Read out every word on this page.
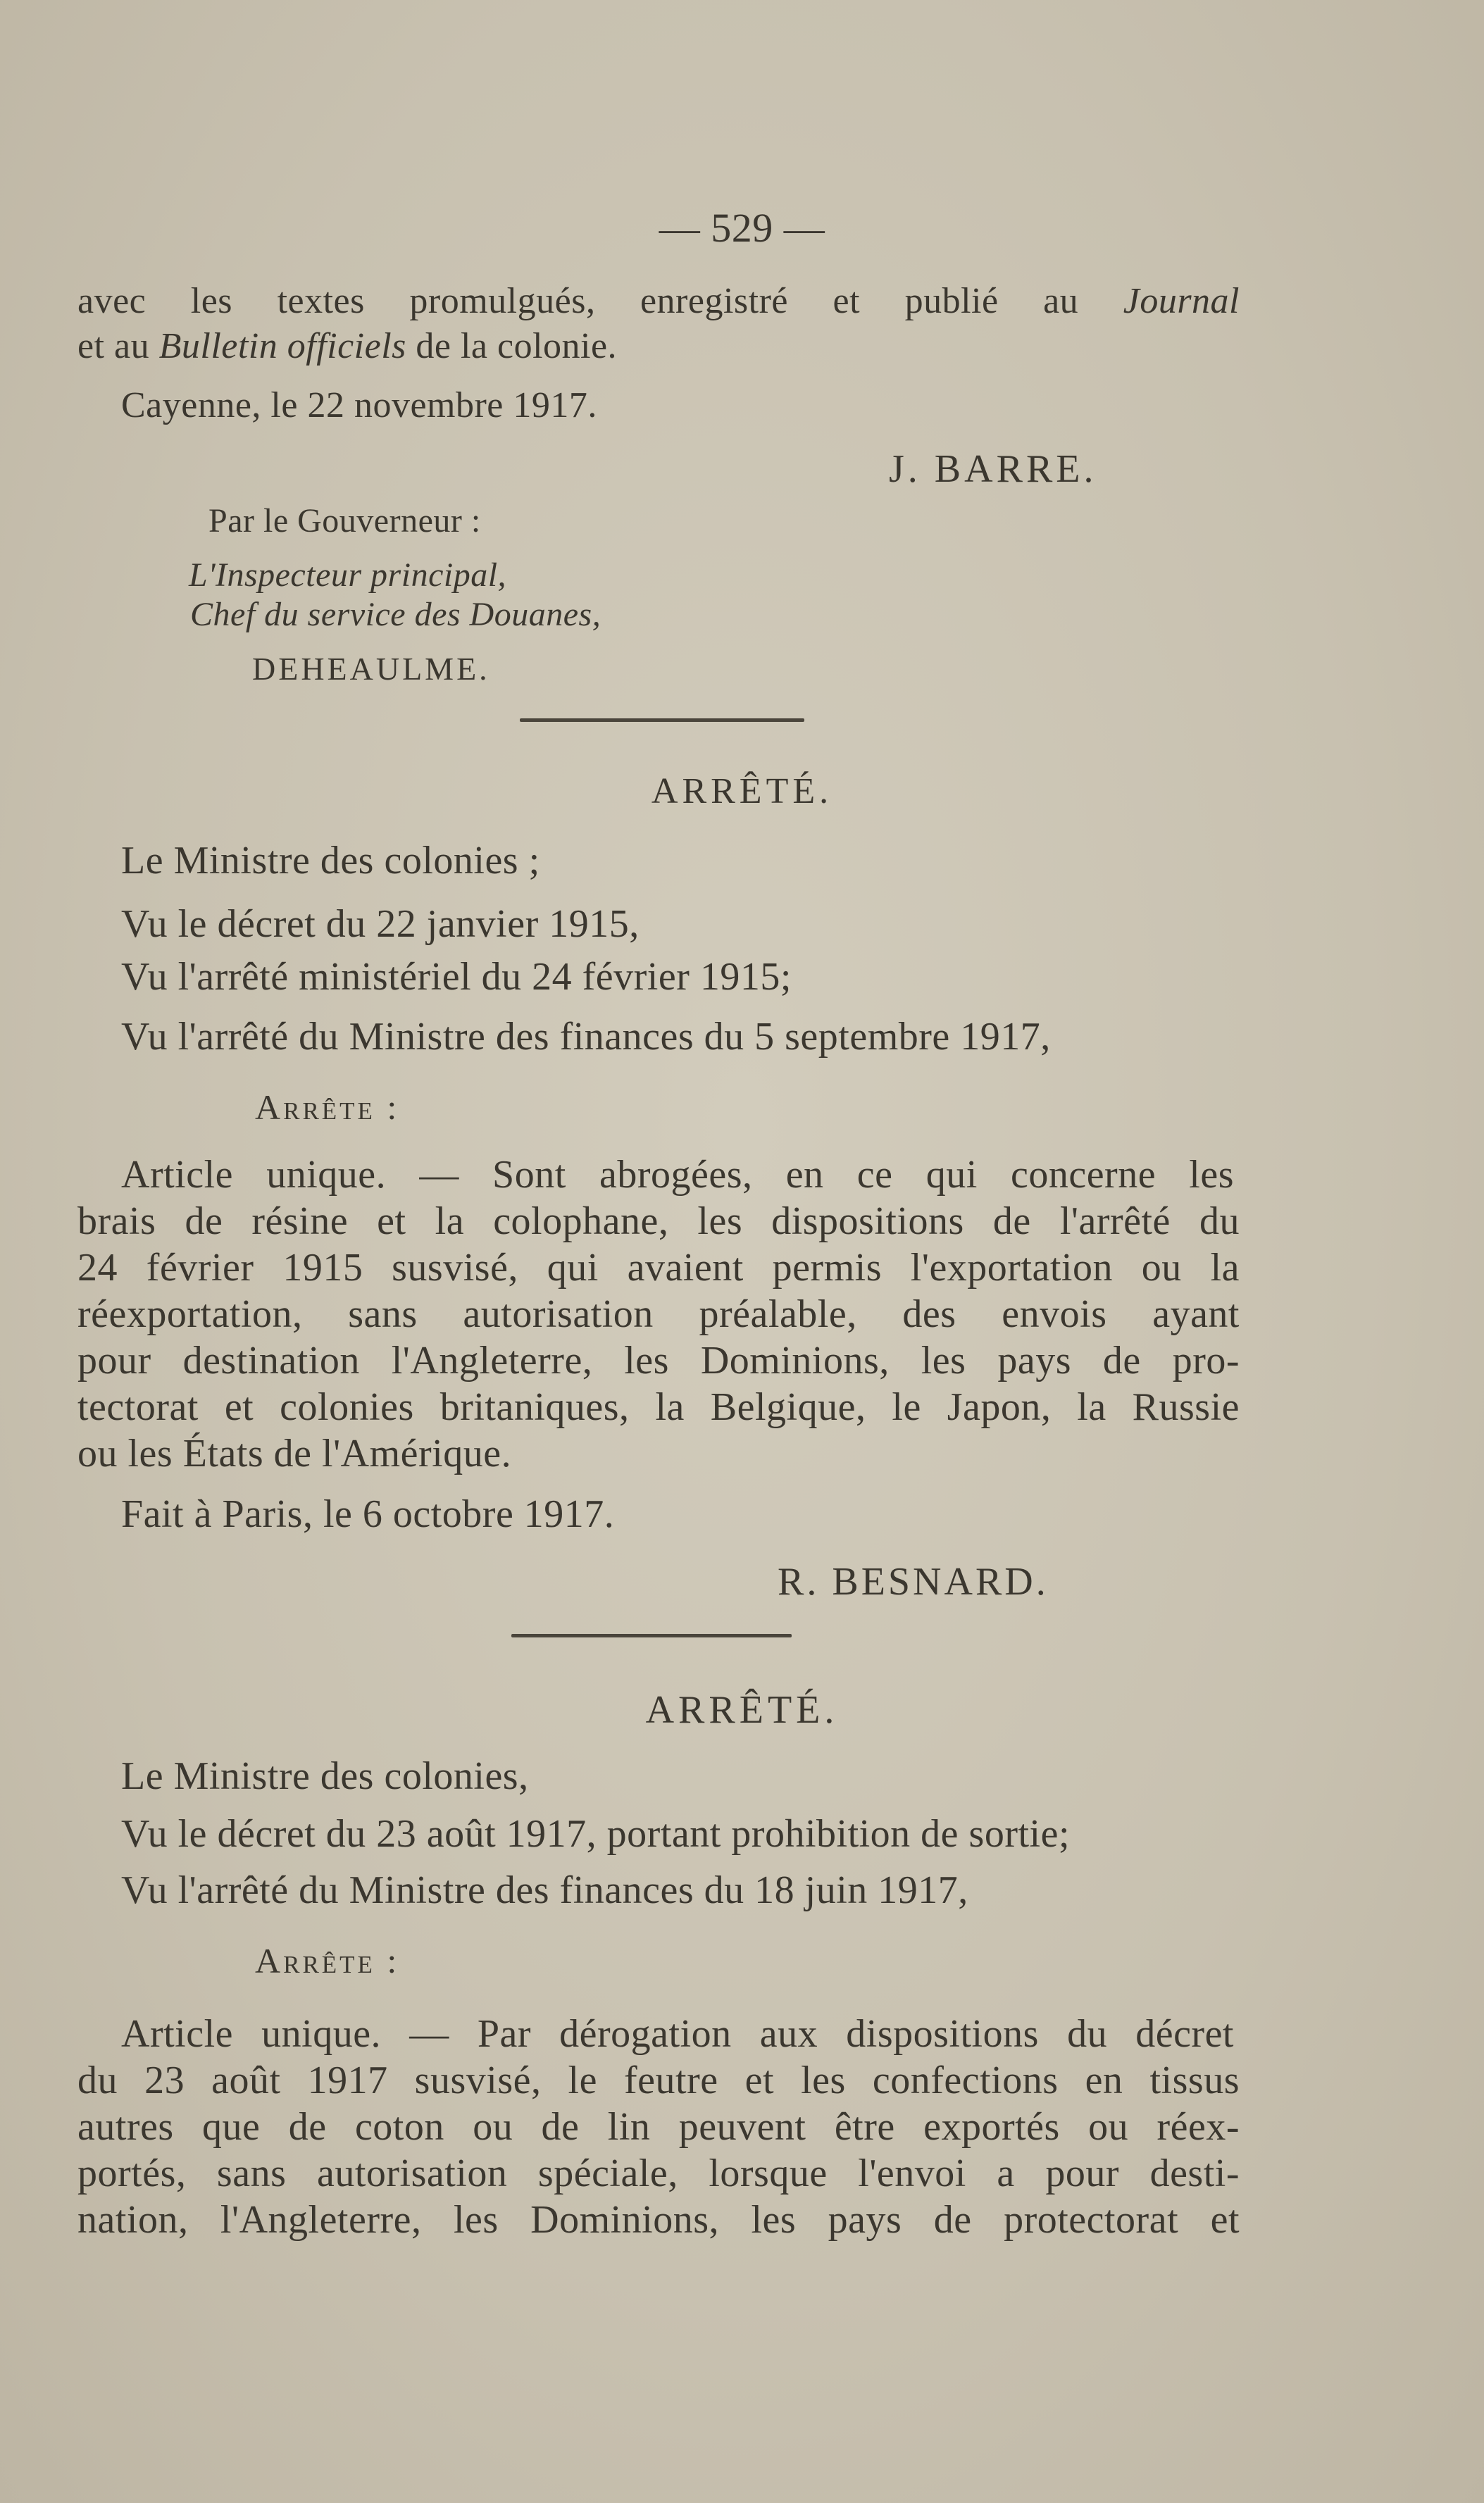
— 529 —
avec les textes promulgués, enregistré et publié au Journal
et au Bulletin officiels de la colonie.
Cayenne, le 22 novembre 1917.
J. BARRE.
Par le Gouverneur :
L'Inspecteur principal,
Chef du service des Douanes,
DEHEAULME.
ARRÊTÉ.
Le Ministre des colonies ;
Vu le décret du 22 janvier 1915,
Vu l'arrêté ministériel du 24 février 1915;
Vu l'arrêté du Ministre des finances du 5 septembre 1917,
Arrête :
Article unique. — Sont abrogées, en ce qui concerne les
brais de résine et la colophane, les dispositions de l'arrêté du
24 février 1915 susvisé, qui avaient permis l'exportation ou la
réexportation, sans autorisation préalable, des envois ayant
pour destination l'Angleterre, les Dominions, les pays de pro-
tectorat et colonies britaniques, la Belgique, le Japon, la Russie
ou les États de l'Amérique.
Fait à Paris, le 6 octobre 1917.
R. BESNARD.
ARRÊTÉ.
Le Ministre des colonies,
Vu le décret du 23 août 1917, portant prohibition de sortie;
Vu l'arrêté du Ministre des finances du 18 juin 1917,
Arrête :
Article unique. — Par dérogation aux dispositions du décret
du 23 août 1917 susvisé, le feutre et les confections en tissus
autres que de coton ou de lin peuvent être exportés ou réex-
portés, sans autorisation spéciale, lorsque l'envoi a pour desti-
nation, l'Angleterre, les Dominions, les pays de protectorat et
